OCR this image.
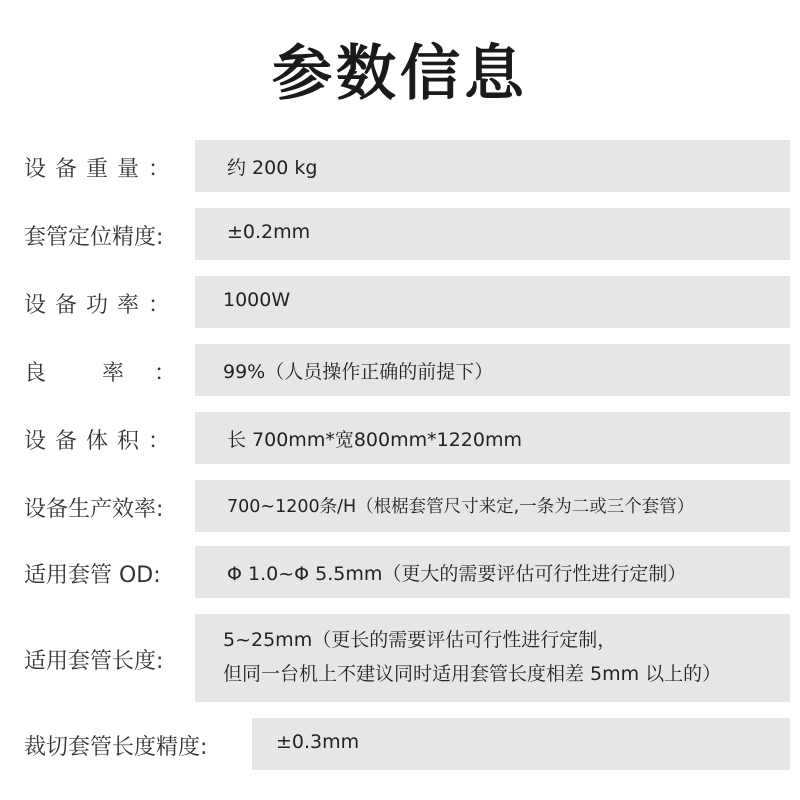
参数信息
设 备 重 量 ：	约 200 kg
套管定位精度:	±0.2mm
设 备 功 率 ：	1000W
良　　率　： 99%（人员操作正确的前提下）
设 备 体 积 ：	长 700mm*宽800mm*1220mm
设备生产效率:	700~1200条/H（根椐套管尺寸来定,一条为二或三个套管）
适用套管 OD:	Φ 1.0~Φ 5.5mm（更大的需要评估可行性进行定制）
适用套管长度:
5~25mm（更长的需要评估可行性进行定制，
但同一台机上不建议同时适用套管长度相差 5mm 以上的）
裁切套管长度精度:	±0.3mm
